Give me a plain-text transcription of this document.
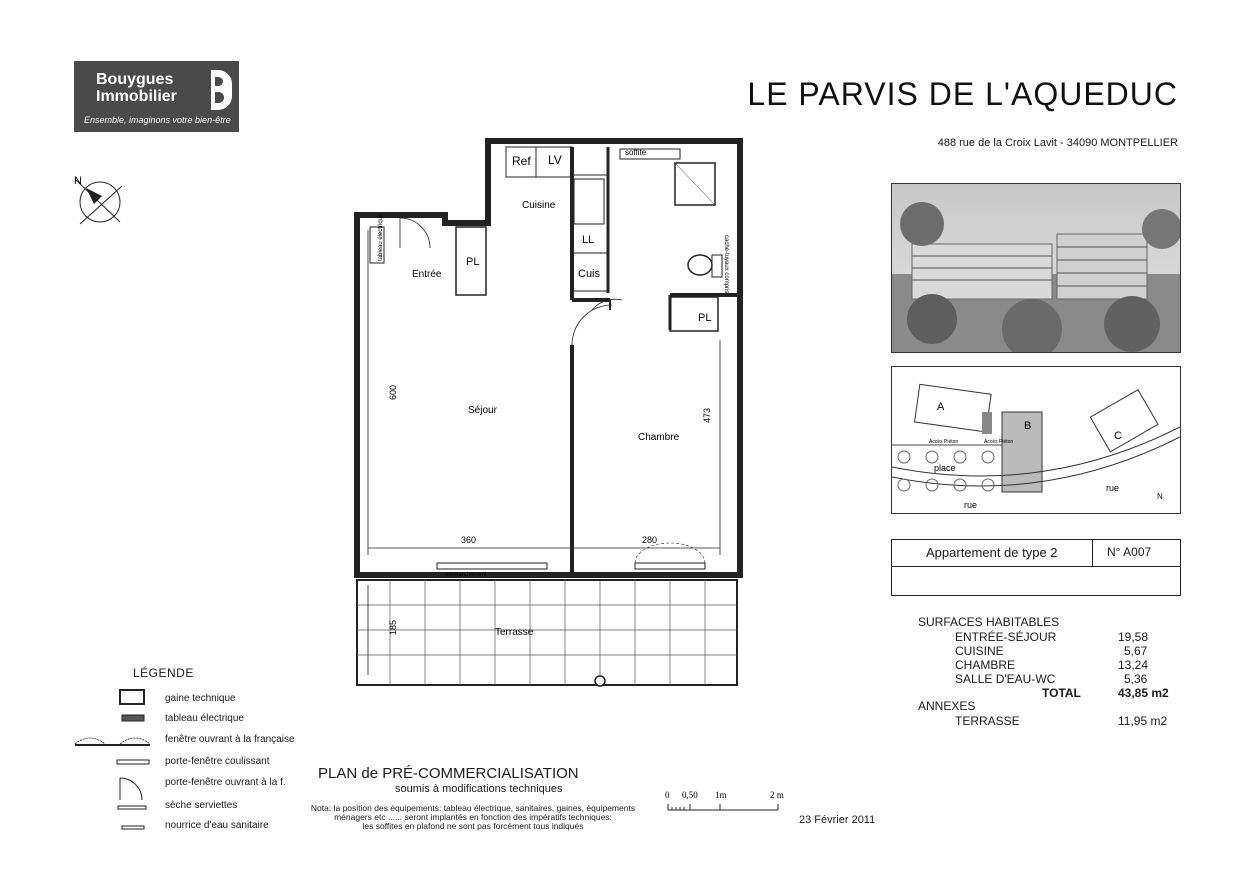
Bouygues
Immobilier
Ensemble, imaginons votre bien-être
LE PARVIS DE L'AQUEDUC
488 rue de la Croix Lavit - 34090 MONTPELLIER
N
Ref LV
soffite
Cuisine
LL
Cuis
tableau électrique
Entrée
PL
PL
Séjour
Chambre
Terrasse
cache-tuyaux compris
emmarchement
600
473
360	280
185
A
B
C
Accès Piéton	Accès Piéton
place
rue
rue
N
Appartement de type 2	N° A007
SURFACES HABITABLES
ENTRÉE-SÉJOUR	19,58
CUISINE	5,67
CHAMBRE	13,24
SALLE D'EAU-WC	5,36
TOTAL	43,85 m2
ANNEXES
TERRASSE	11,95 m2
LÉGENDE
gaine technique
tableau électrique
fenêtre ouvrant à la française
porte-fenêtre coulissant
porte-fenêtre ouvrant à la f.
sèche serviettes
nourrice d'eau sanitaire
PLAN de PRÉ-COMMERCIALISATION
soumis à modifications techniques
Nota: la position des équipements: tableau électrique, sanitaires, gaines, équipements
ménagers etc ...... seront implantés en fonction des impératifs techniques:
les soffites en plafond ne sont pas forcément tous indiqués
0 0,50 1m	2 m
23 Février 2011
